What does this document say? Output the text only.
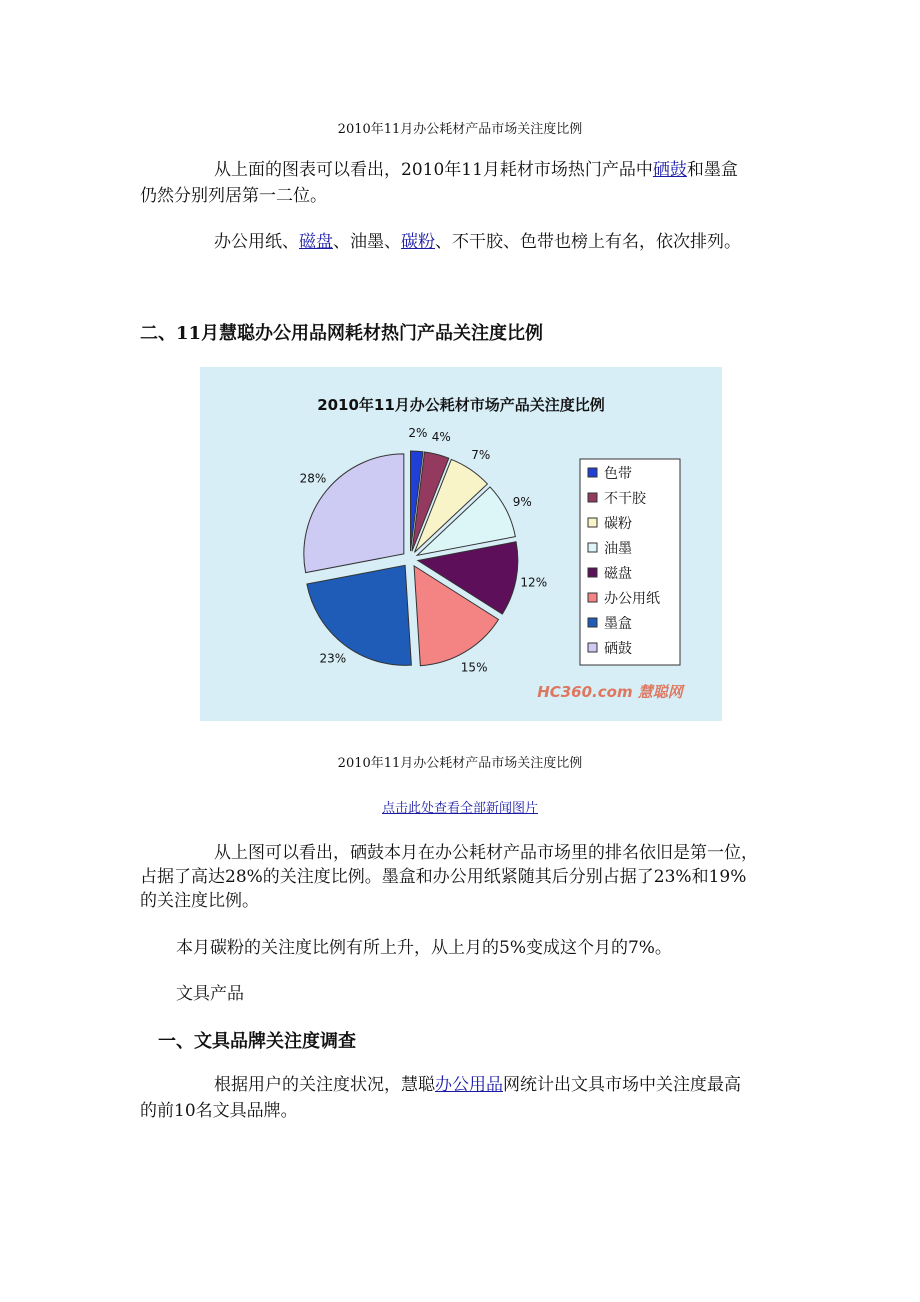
2010年11月办公耗材产品市场关注度比例
从上面的图表可以看出，2010年11月耗材市场热门产品中硒鼓和墨盒
仍然分别列居第一二位。
办公用纸、磁盘、油墨、碳粉、不干胶、色带也榜上有名，依次排列。
二、11月慧聪办公用品网耗材热门产品关注度比例
2010年11月办公耗材市场产品关注度比例
2% 4%
7%
9%
12%
15%
23%
28%	色带
不干胶
碳粉
油墨
磁盘
办公用纸
墨盒
硒鼓
HC360.com 慧聪网
2010年11月办公耗材产品市场关注度比例
点击此处查看全部新闻图片
从上图可以看出，硒鼓本月在办公耗材产品市场里的排名依旧是第一位，
占据了高达28%的关注度比例。墨盒和办公用纸紧随其后分别占据了23%和19%
的关注度比例。
本月碳粉的关注度比例有所上升，从上月的5%变成这个月的7%。
文具产品
一、文具品牌关注度调查
根据用户的关注度状况，慧聪办公用品网统计出文具市场中关注度最高
的前10名文具品牌。
